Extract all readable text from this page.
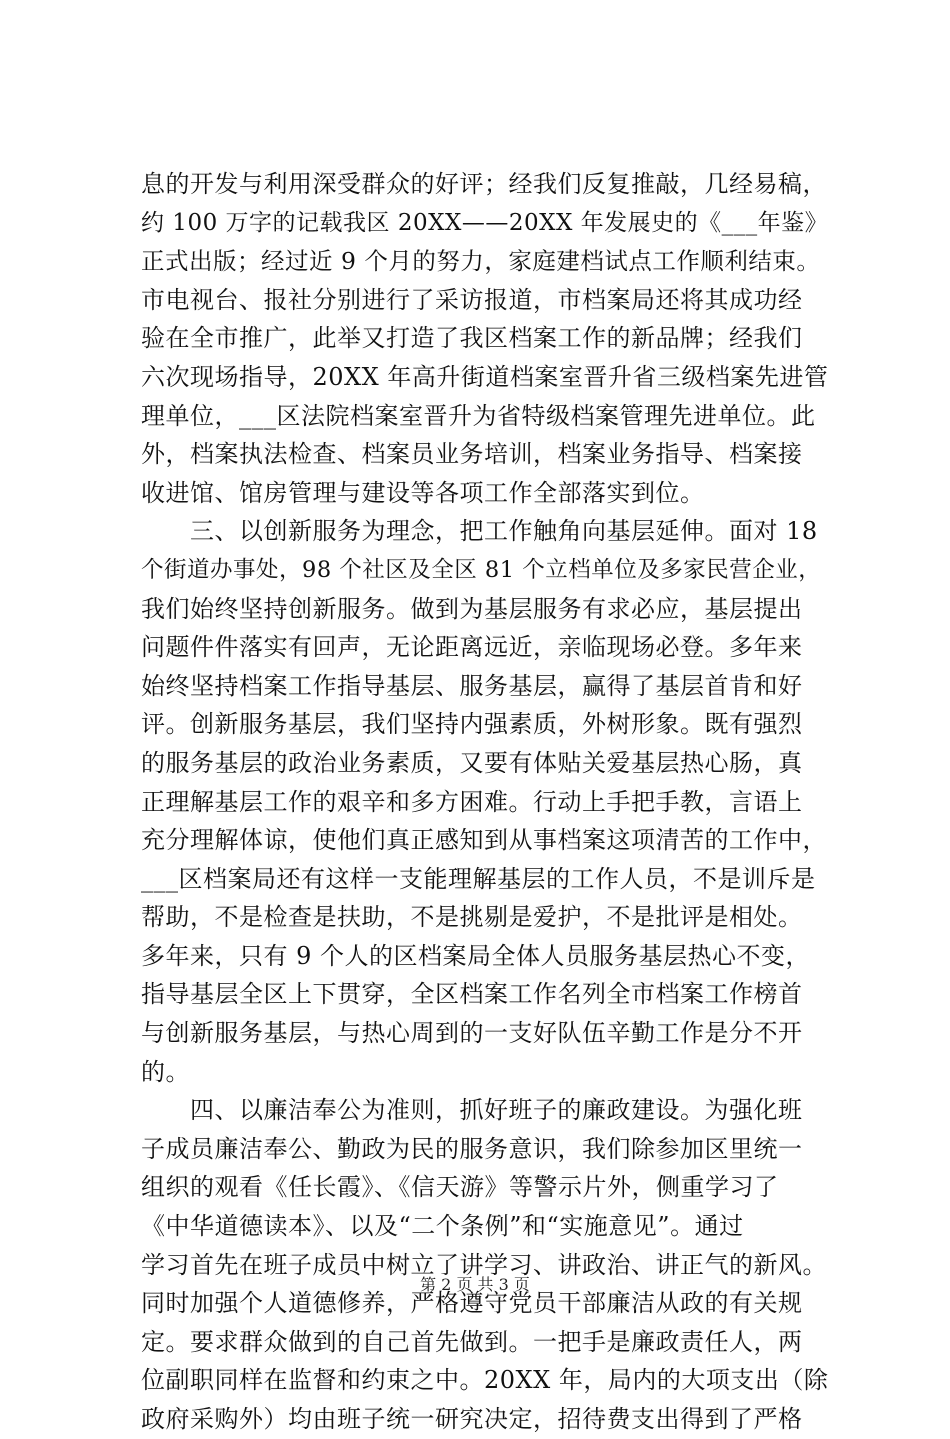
息的开发与利用深受群众的好评；经我们反复推敲，几经易稿，
约 100 万字的记载我区 20XX——20XX 年发展史的《___年鉴》
正式出版；经过近 9 个月的努力，家庭建档试点工作顺利结束。
市电视台、报社分别进行了采访报道，市档案局还将其成功经
验在全市推广，此举又打造了我区档案工作的新品牌；经我们
六次现场指导，20XX 年高升街道档案室晋升省三级档案先进管
理单位，___区法院档案室晋升为省特级档案管理先进单位。此
外，档案执法检查、档案员业务培训，档案业务指导、档案接
收进馆、馆房管理与建设等各项工作全部落实到位。
　　三、以创新服务为理念，把工作触角向基层延伸。面对 18
个街道办事处，98 个社区及全区 81 个立档单位及多家民营企业，
我们始终坚持创新服务。做到为基层服务有求必应，基层提出
问题件件落实有回声，无论距离远近，亲临现场必登。多年来
始终坚持档案工作指导基层、服务基层，赢得了基层首肯和好
评。创新服务基层，我们坚持内强素质，外树形象。既有强烈
的服务基层的政治业务素质，又要有体贴关爱基层热心肠，真
正理解基层工作的艰辛和多方困难。行动上手把手教，言语上
充分理解体谅，使他们真正感知到从事档案这项清苦的工作中，
___区档案局还有这样一支能理解基层的工作人员，不是训斥是
帮助，不是检查是扶助，不是挑剔是爱护，不是批评是相处。
多年来，只有 9 个人的区档案局全体人员服务基层热心不变，
指导基层全区上下贯穿，全区档案工作名列全市档案工作榜首
与创新服务基层，与热心周到的一支好队伍辛勤工作是分不开
的。
　　四、以廉洁奉公为准则，抓好班子的廉政建设。为强化班
子成员廉洁奉公、勤政为民的服务意识，我们除参加区里统一
组织的观看《任长霞》、《信天游》等警示片外，侧重学习了
《中华道德读本》、以及“二个条例”和“实施意见”。通过
学习首先在班子成员中树立了讲学习、讲政治、讲正气的新风。
同时加强个人道德修养，严格遵守党员干部廉洁从政的有关规
定。要求群众做到的自己首先做到。一把手是廉政责任人，两
位副职同样在监督和约束之中。20XX 年，局内的大项支出（除
政府采购外）均由班子统一研究决定，招待费支出得到了严格
第 2 页 共 3 页
